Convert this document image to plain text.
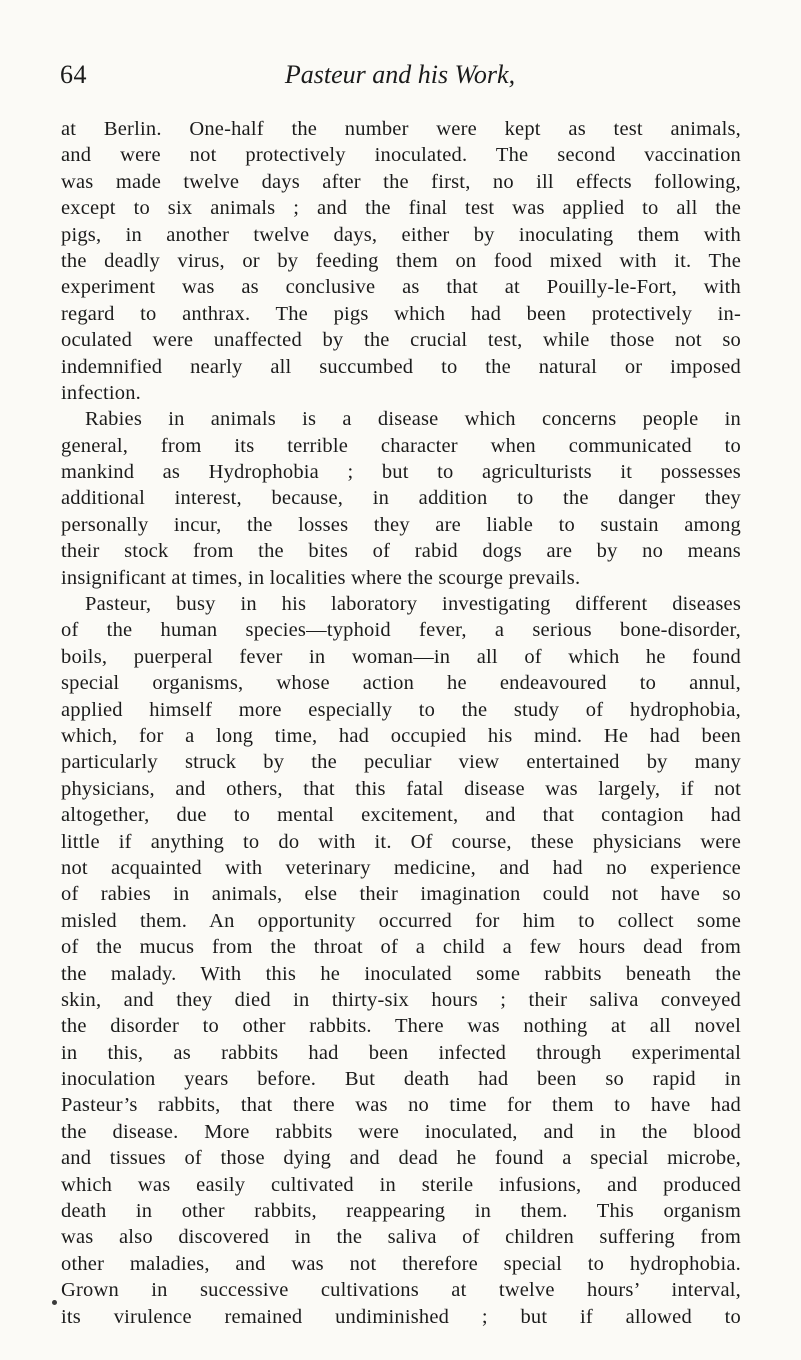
64	Pasteur and his Work,
at Berlin. One-half the number were kept as test animals,
and were not protectively inoculated. The second vaccination
was made twelve days after the first, no ill effects following,
except to six animals ; and the final test was applied to all the
pigs, in another twelve days, either by inoculating them with
the deadly virus, or by feeding them on food mixed with it. The
experiment was as conclusive as that at Pouilly-le-Fort, with
regard to anthrax. The pigs which had been protectively in-
oculated were unaffected by the crucial test, while those not so
indemnified nearly all succumbed to the natural or imposed
infection.
Rabies in animals is a disease which concerns people in
general, from its terrible character when communicated to
mankind as Hydrophobia ; but to agriculturists it possesses
additional interest, because, in addition to the danger they
personally incur, the losses they are liable to sustain among
their stock from the bites of rabid dogs are by no means
insignificant at times, in localities where the scourge prevails.
Pasteur, busy in his laboratory investigating different diseases
of the human species—typhoid fever, a serious bone-disorder,
boils, puerperal fever in woman—in all of which he found
special organisms, whose action he endeavoured to annul,
applied himself more especially to the study of hydrophobia,
which, for a long time, had occupied his mind. He had been
particularly struck by the peculiar view entertained by many
physicians, and others, that this fatal disease was largely, if not
altogether, due to mental excitement, and that contagion had
little if anything to do with it. Of course, these physicians were
not acquainted with veterinary medicine, and had no experience
of rabies in animals, else their imagination could not have so
misled them. An opportunity occurred for him to collect some
of the mucus from the throat of a child a few hours dead from
the malady. With this he inoculated some rabbits beneath the
skin, and they died in thirty-six hours ; their saliva conveyed
the disorder to other rabbits. There was nothing at all novel
in this, as rabbits had been infected through experimental
inoculation years before. But death had been so rapid in
Pasteur’s rabbits, that there was no time for them to have had
the disease. More rabbits were inoculated, and in the blood
and tissues of those dying and dead he found a special microbe,
which was easily cultivated in sterile infusions, and produced
death in other rabbits, reappearing in them. This organism
was also discovered in the saliva of children suffering from
other maladies, and was not therefore special to hydrophobia.
Grown in successive cultivations at twelve hours’ interval,
its virulence remained undiminished ; but if allowed to
